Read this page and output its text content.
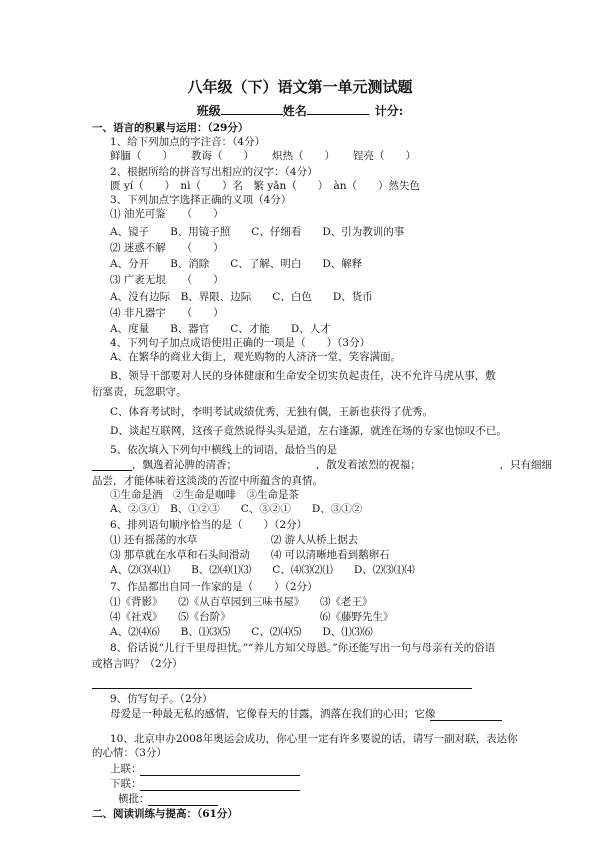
八年级（下）语文第一单元测试题
班级	姓名	计分:
一、语言的积累与运用：（29分）
1、给下列加点的字注音：（4分）
鲜腼（　　） 教诲（　　） 炽热（　　） 锃亮（　　）
2、根据所给的拼音写出相应的汉字：（4分）
匮 yí（　　）　nì（　　）名　繁 yǎn（　　）　àn（　　）然失色
3、下列加点字选择正确的义项（4分）
⑴ 油光可鉴　　（　　）
A、镜子　　B、用镜子照　　C、仔细看　　D、引为教训的事
⑵ 迷惑不解　　（　　）
A、分开　　B、消除　　C、了解、明白　　D、解释
⑶ 广袤无垠　　（　　）
A、没有边际　B、界限、边际　　C、白色　　D、货币
⑷ 非凡器宇　　（　　）
A、度量　　B、器官　　C、才能　　D、人才
4、下列句子加点成语使用正确的一项是（　　）（3分）
A、在繁华的商业大街上，观光购物的人济济一堂，笑容满面。
B、领导干部要对人民的身体健康和生命安全切实负起责任，决不允许马虎从事，敷
衍塞责，玩忽职守。
C、体育考试时，李明考试成绩优秀，无独有偶，王新也获得了优秀。
D、谈起互联网，这孩子竟然说得头头是道，左右逢源，就连在场的专家也惊叹不已。
5、依次填入下列句中横线上的词语，最恰当的是
，飘逸着沁脾的清香；　　　　　　　　，散发着浓烈的祝福；　　　　　　　　，只有细细
品尝，才能体味着这淡淡的苦涩中所蕴含的真情。
①生命是酒　②生命是咖啡　③生命是茶
A、②③①　B、①②③　　C、③②①　　D、③①②
6、排列语句顺序恰当的是（　　）（2分）
⑴ 还有摇荡的水草　　　　　　　⑵ 游人从桥上据去
⑶ 那草就在水草和石头间滑动　　⑷ 可以清晰地看到鹅卵石
A、⑵⑶⑷⑴　　B、⑵⑷⑴⑶　　C、⑷⑶⑵⑴　　D、⑵⑶⑴⑷
7、作品都出自同一作家的是（　　）（2分）
⑴《背影》　　⑵《从百草园到三味书屋》　　⑶《老王》
⑷《社戏》　　⑸《台阶》　　　　　　　　　⑹《藤野先生》
A、⑵⑷⑹　　B、⑴⑶⑸　　C、⑵⑷⑸　　D、⑴⑶⑹
8、俗话说“儿行千里母担忧。”“养儿方知父母恩。”你还能写出一句与母亲有关的俗语
或格言吗？（2分）
9、仿写句子。（2分）
母爱是一种最无私的感情，它像春天的甘露，洒落在我们的心田；它像
10、北京申办2008年奥运会成功，你心里一定有许多要说的话，请写一副对联，表达你
的心情：（3分）
上联：
下联：
横批：
二、阅读训练与提高：（61分）
